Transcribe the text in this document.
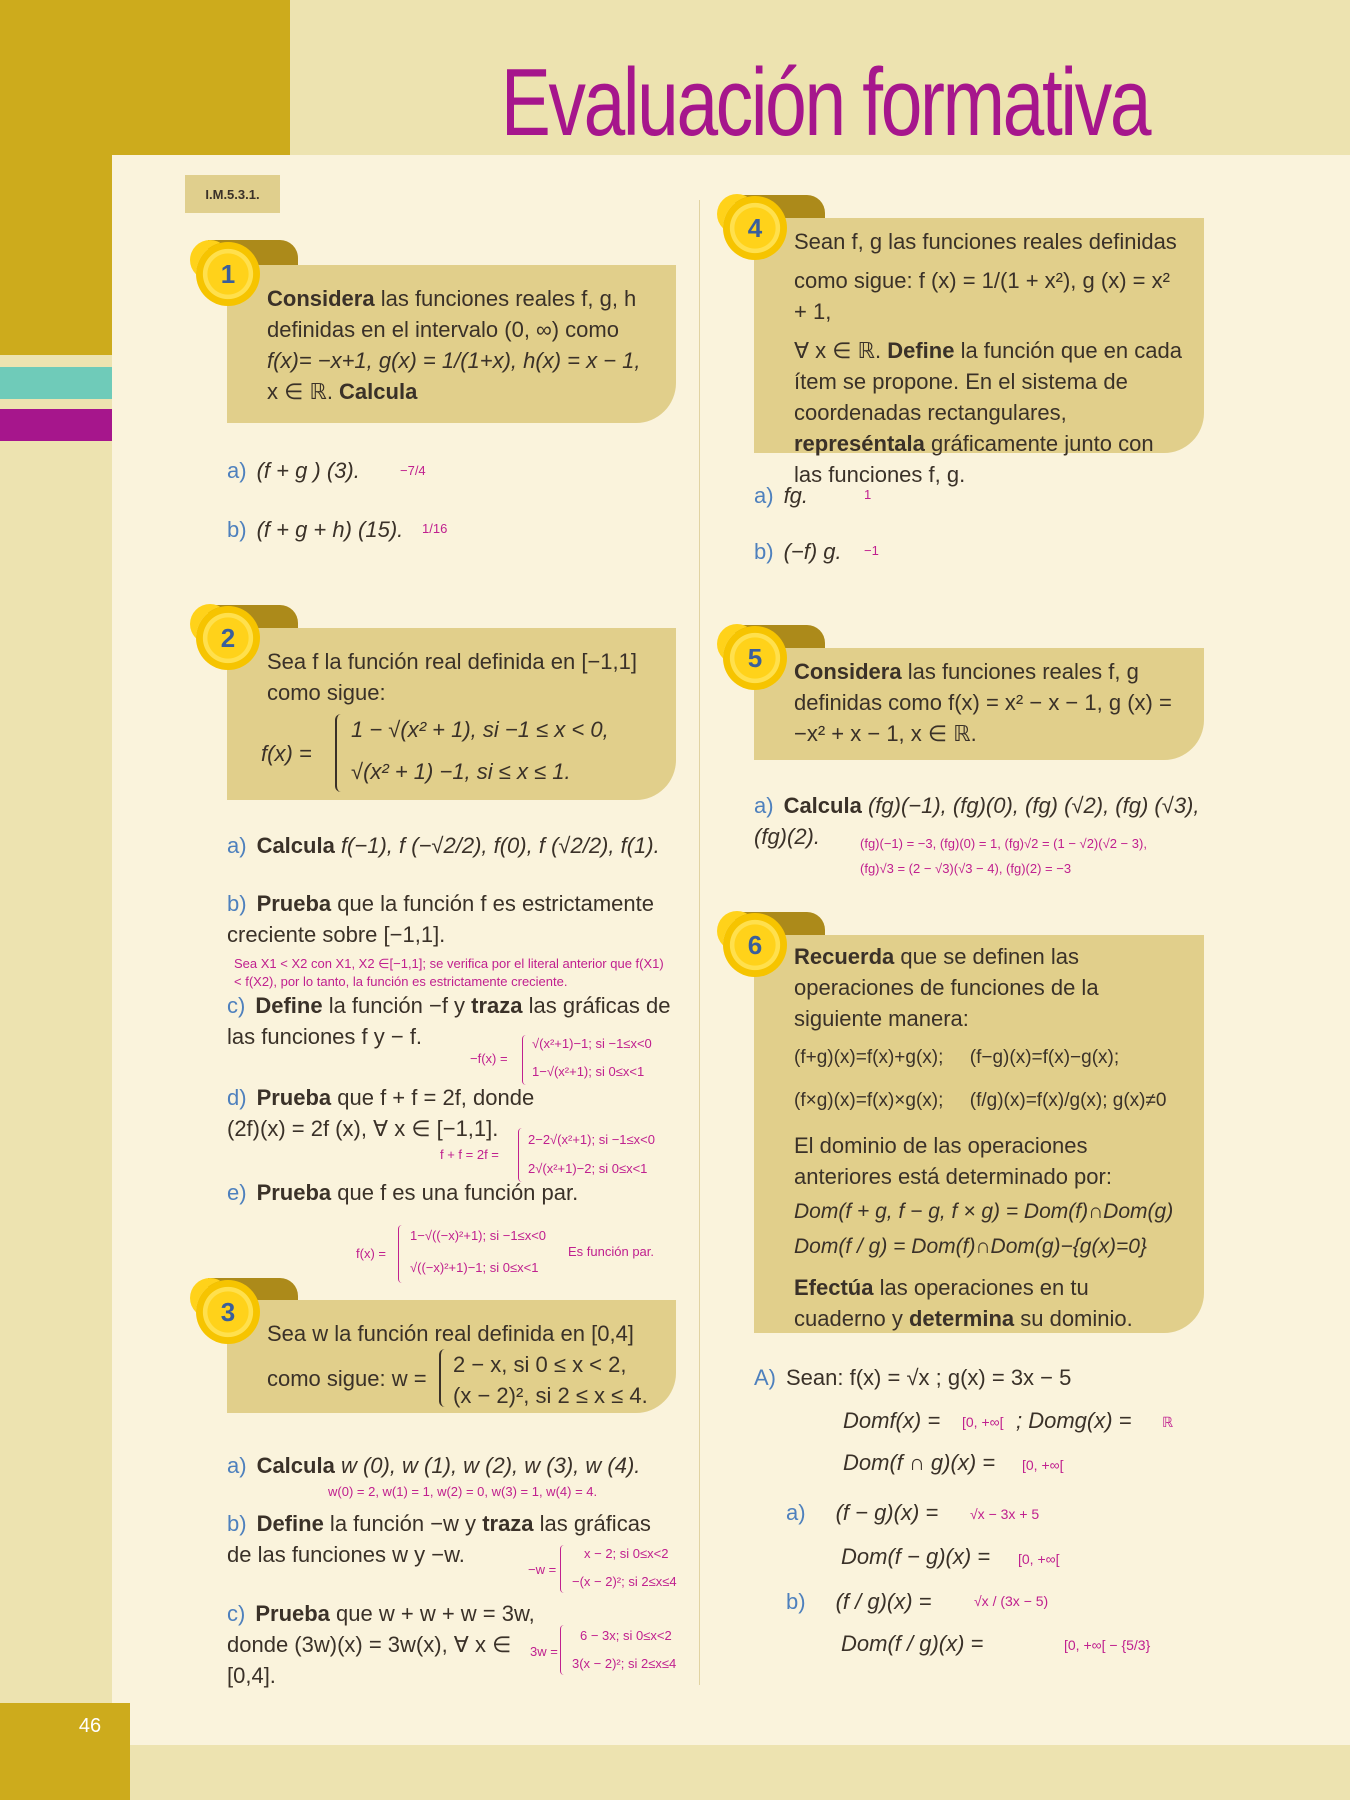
Evaluación formativa
I.M.5.3.1.
46
Considera las funciones reales f, g, h definidas en el intervalo (0, ∞) como
f(x)= −x+1, g(x) = 1/(1+x), h(x) = x − 1,
x ∈ ℝ. Calcula
1
a) (f + g ) (3).	−7/4
b) (f + g + h) (15). 1/16
Sea f la función real definida en [−1,1] como sigue:
f(x) =
1 − √(x² + 1), si −1 ≤ x < 0,
√(x² + 1) −1, si ≤ x ≤ 1.
2
a) Calcula f(−1), f (−√2/2), f(0), f (√2/2), f(1).
b) Prueba que la función f es estrictamente creciente sobre [−1,1].
Sea X1 < X2 con X1, X2 ∈[−1,1]; se verifica por el literal anterior que f(X1) < f(X2), por lo tanto, la función es estrictamente creciente.
c) Define la función −f y traza las gráficas de las funciones f y − f.
−f(x) =
√(x²+1)−1; si −1≤x<0
1−√(x²+1); si 0≤x<1
d) Prueba que f + f = 2f, donde (2f)(x) = 2f (x), ∀ x ∈ [−1,1].
f + f = 2f =
2−2√(x²+1); si −1≤x<0
2√(x²+1)−2; si 0≤x<1
e) Prueba que f es una función par.
f(x) =
1−√((−x)²+1); si −1≤x<0
√((−x)²+1)−1; si 0≤x<1
Es función par.
Sea w la función real definida en [0,4]
como sigue: w =
2 − x, si 0 ≤ x < 2,
(x − 2)², si 2 ≤ x ≤ 4.
3
a) Calcula w (0), w (1), w (2), w (3), w (4).
w(0) = 2, w(1) = 1, w(2) = 0, w(3) = 1, w(4) = 4.
b) Define la función −w y traza las gráficas de las funciones w y −w.
−w =
x − 2; si 0≤x<2
−(x − 2)²; si 2≤x≤4
c) Prueba que w + w + w = 3w, donde (3w)(x) = 3w(x), ∀ x ∈ [0,4].
3w =
6 − 3x; si 0≤x<2
3(x − 2)²; si 2≤x≤4
Sean f, g las funciones reales definidas
como sigue: f (x) = 1/(1 + x²), g (x) = x² + 1,
∀ x ∈ ℝ. Define la función que en cada ítem se propone. En el sistema de coordenadas rectangulares, represéntala gráficamente junto con las funciones f, g.
4
a) fg.	1
b) (−f) g. −1
Considera las funciones reales f, g definidas como f(x) = x² − x − 1, g (x) = −x² + x − 1, x ∈ ℝ.
5
a) Calcula (fg)(−1), (fg)(0), (fg) (√2), (fg) (√3), (fg)(2).	(fg)(−1) = −3, (fg)(0) = 1, (fg)√2 = (1 − √2)(√2 − 3),
(fg)√3 = (2 − √3)(√3 − 4), (fg)(2) = −3
Recuerda que se definen las operaciones de funciones de la siguiente manera:
(f+g)(x)=f(x)+g(x);     (f−g)(x)=f(x)−g(x);
(f×g)(x)=f(x)×g(x);     (f/g)(x)=f(x)/g(x); g(x)≠0
El dominio de las operaciones anteriores está determinado por:
Dom(f + g, f − g, f × g) = Dom(f)∩Dom(g)
Dom(f / g) = Dom(f)∩Dom(g)−{g(x)=0}
Efectúa las operaciones en tu cuaderno y determina su dominio.
6
A) Sean: f(x) = √x ; g(x) = 3x − 5
Domf(x) = [0, +∞[ ; Domg(x) = ℝ
Dom(f ∩ g)(x) = [0, +∞[
a) (f − g)(x) = √x − 3x + 5
Dom(f − g)(x) = [0, +∞[
b) (f / g)(x) =	√x / (3x − 5)
Dom(f / g)(x) =	[0, +∞[ − {5/3}
